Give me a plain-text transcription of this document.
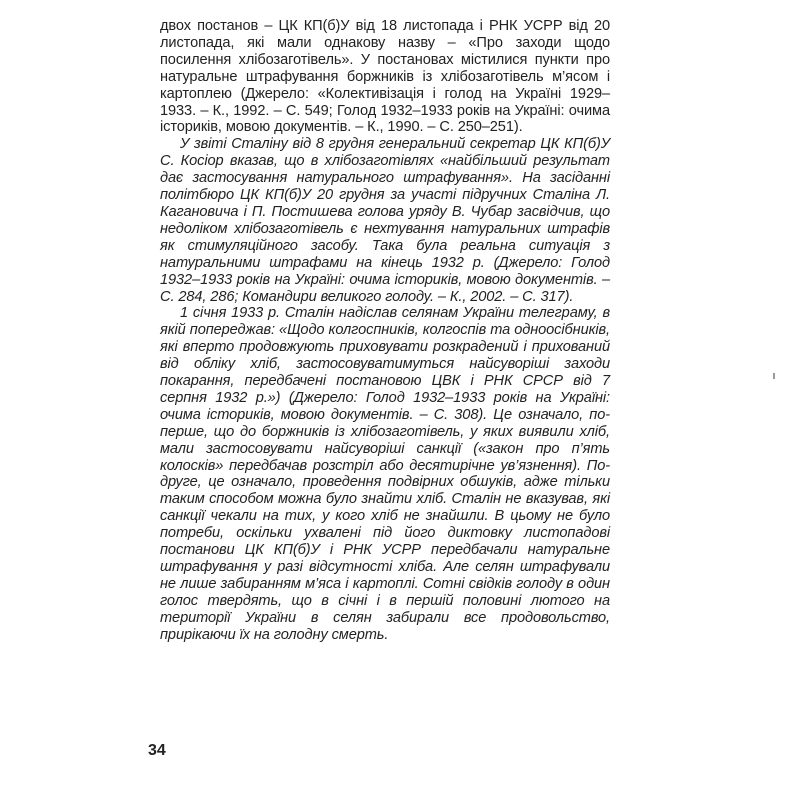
двох постанов – ЦК КП(б)У від 18 листопада і РНК УСРР від 20 листопада, які мали однакову назву – «Про заходи щодо посилення хлібозаготівель». У постановах містилися пункти про натуральне штрафування боржників із хлібозаготівель м’ясом і картоплею (Джерело: «Колективізація і голод на Україні 1929–1933. – К., 1992. – С. 549; Голод 1932–1933 років на Україні: очима істориків, мовою документів. – К., 1990. – С. 250–251).

У звіті Сталіну від 8 грудня генеральний секретар ЦК КП(б)У С. Косіор вказав, що в хлібозаготівлях «найбільший результат дає застосування натурального штрафування». На засіданні політбюро ЦК КП(б)У 20 грудня за участі підручних Сталіна Л. Кагановича і П. Постишева голова уряду В. Чубар засвідчив, що недоліком хлібозаготівель є нехтування натуральних штрафів як стимуляційного засобу. Така була реальна ситуація з натуральними штрафами на кінець 1932 р. (Джерело: Голод 1932–1933 років на Україні: очима істориків, мовою документів. – С. 284, 286; Командири великого голоду. – К., 2002. – С. 317).

1 січня 1933 р. Сталін надіслав селянам України телеграму, в якій попереджав: «Щодо колгоспників, колгоспів та одноосібників, які вперто продовжують приховувати розкрадений і прихований від обліку хліб, застосовуватимуться найсуворіші заходи покарання, передбачені постановою ЦВК і РНК СРСР від 7 серпня 1932 р.») (Джерело: Голод 1932–1933 років на Україні: очима істориків, мовою документів. – С. 308). Це означало, по-перше, що до боржників із хлібозаготівель, у яких виявили хліб, мали застосовувати найсуворіші санкції («закон про п’ять колосків» передбачав розстріл або десятирічне ув’язнення). По-друге, це означало, проведення подвірних обшуків, адже тільки таким способом можна було знайти хліб. Сталін не вказував, які санкції чекали на тих, у кого хліб не знайшли. В цьому не було потреби, оскільки ухвалені під його диктовку листопадові постанови ЦК КП(б)У і РНК УСРР передбачали натуральне штрафування у разі відсутності хліба. Але селян штрафували не лише забиранням м’яса і картоплі. Сотні свідків голоду в один голос твердять, що в січні і в першій половині лютого на території України в селян забирали все продовольство, прирікаючи їх на голодну смерть.

34
